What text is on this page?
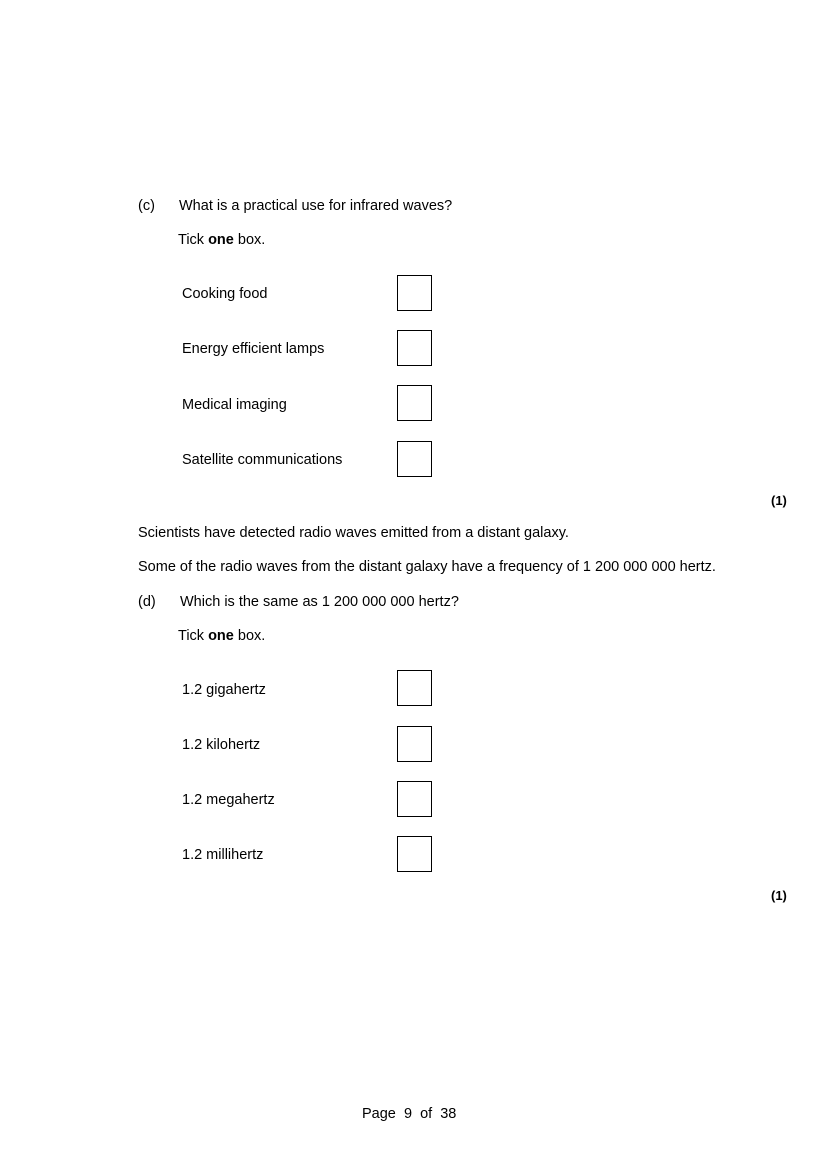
(c) What is a practical use for infrared waves?
Tick one box.
Cooking food
Energy efficient lamps
Medical imaging
Satellite communications
(1)
Scientists have detected radio waves emitted from a distant galaxy.
Some of the radio waves from the distant galaxy have a frequency of 1 200 000 000 hertz.
(d) Which is the same as 1 200 000 000 hertz?
Tick one box.
1.2 gigahertz
1.2 kilohertz
1.2 megahertz
1.2 millihertz
(1)
Page 9 of 38
